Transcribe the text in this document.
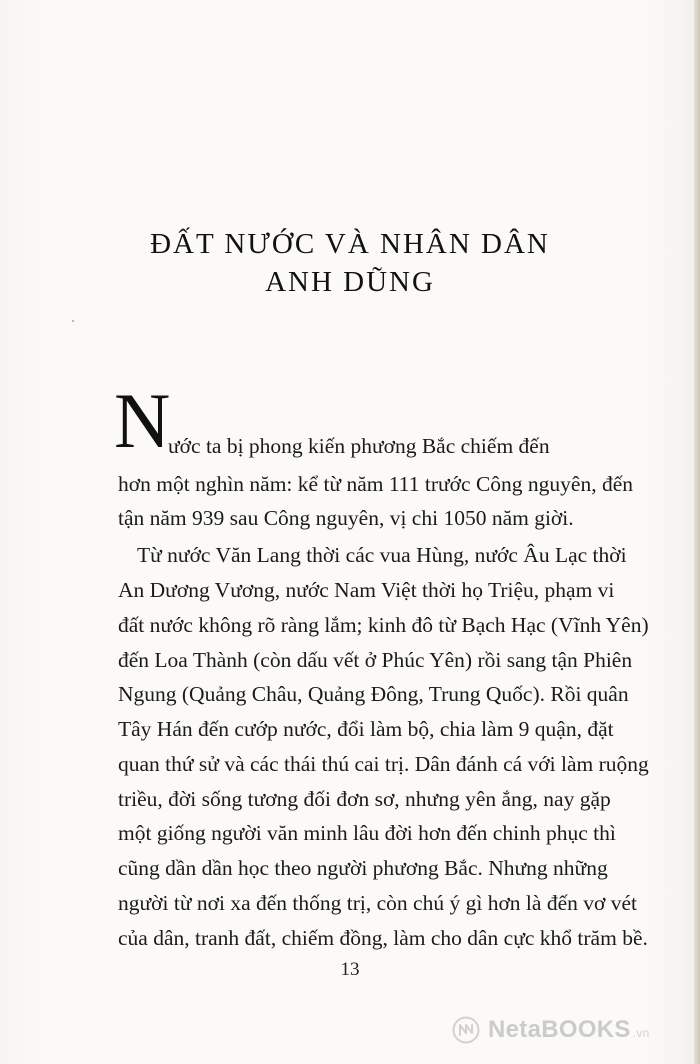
ĐẤT NƯỚC VÀ NHÂN DÂN
ANH DŨNG
N
ước ta bị phong kiến phương Bắc chiếm đến
hơn một nghìn năm: kể từ năm 111 trước Công nguyên, đến
tận năm 939 sau Công nguyên, vị chi 1050 năm giời.
Từ nước Văn Lang thời các vua Hùng, nước Âu Lạc thời
An Dương Vương, nước Nam Việt thời họ Triệu, phạm vi
đất nước không rõ ràng lắm; kinh đô từ Bạch Hạc (Vĩnh Yên)
đến Loa Thành (còn dấu vết ở Phúc Yên) rồi sang tận Phiên
Ngung (Quảng Châu, Quảng Đông, Trung Quốc). Rồi quân
Tây Hán đến cướp nước, đổi làm bộ, chia làm 9 quận, đặt
quan thứ sử và các thái thú cai trị. Dân đánh cá với làm ruộng
triều, đời sống tương đối đơn sơ, nhưng yên ắng, nay gặp
một giống người văn minh lâu đời hơn đến chinh phục thì
cũng dần dần học theo người phương Bắc. Nhưng những
người từ nơi xa đến thống trị, còn chú ý gì hơn là đến vơ vét
của dân, tranh đất, chiếm đồng, làm cho dân cực khổ trăm bề.
13
NetaBOOKS .vn
